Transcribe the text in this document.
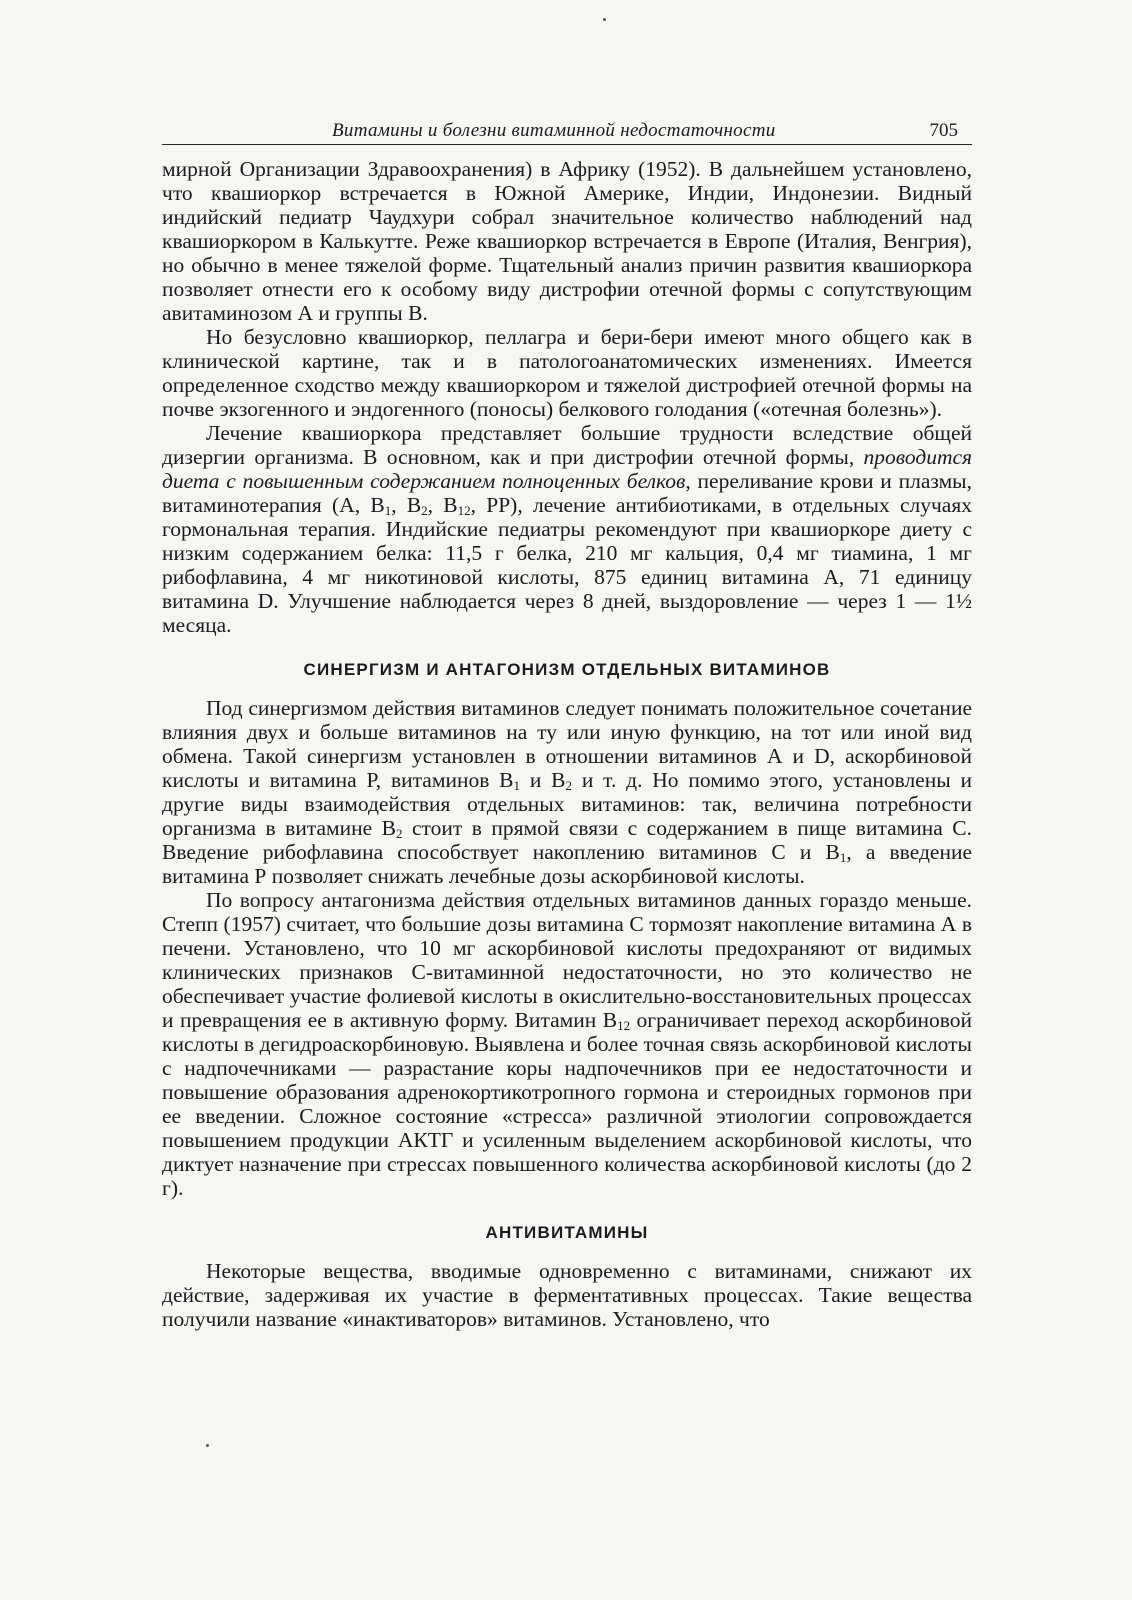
Витамины и болезни витаминной недостаточности	705

мирной Организации Здравоохранения) в Африку (1952). В дальнейшем установлено, что квашиоркор встречается в Южной Америке, Индии, Индонезии. Видный индийский педиатр Чаудхури собрал значительное количество наблюдений над квашиоркором в Калькутте. Реже квашиоркор встречается в Европе (Италия, Венгрия), но обычно в менее тяжелой форме. Тщательный анализ причин развития квашиоркора позволяет отнести его к особому виду дистрофии отечной формы с сопутствующим авитаминозом А и группы В.

Но безусловно квашиоркор, пеллагра и бери-бери имеют много общего как в клинической картине, так и в патологоанатомических изменениях. Имеется определенное сходство между квашиоркором и тяжелой дистрофией отечной формы на почве экзогенного и эндогенного (поносы) белкового голодания («отечная болезнь»).

Лечение квашиоркора представляет большие трудности вследствие общей дизергии организма. В основном, как и при дистрофии отечной формы, проводится диета с повышенным содержанием полноценных белков, переливание крови и плазмы, витаминотерапия (А, $B_1$, $B_2$, $B_{12}$, PP), лечение антибиотиками, в отдельных случаях гормональная терапия. Индийские педиатры рекомендуют при квашиоркоре диету с низким содержанием белка: 11,5 г белка, 210 мг кальция, 0,4 мг тиамина, 1 мг рибофлавина, 4 мг никотиновой кислоты, 875 единиц витамина А, 71 единицу витамина D. Улучшение наблюдается через 8 дней, выздоровление — через 1 — 1½ месяца.

СИНЕРГИЗМ И АНТАГОНИЗМ ОТДЕЛЬНЫХ ВИТАМИНОВ

Под синергизмом действия витаминов следует понимать положительное сочетание влияния двух и больше витаминов на ту или иную функцию, на тот или иной вид обмена. Такой синергизм установлен в отношении витаминов А и D, аскорбиновой кислоты и витамина Р, витаминов $B_1$ и $B_2$ и т. д. Но помимо этого, установлены и другие виды взаимодействия отдельных витаминов: так, величина потребности организма в витамине $B_2$ стоит в прямой связи с содержанием в пище витамина С. Введение рибофлавина способствует накоплению витаминов С и $B_1$, а введение витамина Р позволяет снижать лечебные дозы аскорбиновой кислоты.

По вопросу антагонизма действия отдельных витаминов данных гораздо меньше. Степп (1957) считает, что большие дозы витамина С тормозят накопление витамина А в печени. Установлено, что 10 мг аскорбиновой кислоты предохраняют от видимых клинических признаков С-витаминной недостаточности, но это количество не обеспечивает участие фолиевой кислоты в окислительно-восстановительных процессах и превращения ее в активную форму. Витамин $B_{12}$ ограничивает переход аскорбиновой кислоты в дегидроаскорбиновую. Выявлена и более точная связь аскорбиновой кислоты с надпочечниками — разрастание коры надпочечников при ее недостаточности и повышение образования адренокортикотропного гормона и стероидных гормонов при ее введении. Сложное состояние «стресса» различной этиологии сопровождается повышением продукции АКТГ и усиленным выделением аскорбиновой кислоты, что диктует назначение при стрессах повышенного количества аскорбиновой кислоты (до 2 г).

АНТИВИТАМИНЫ

Некоторые вещества, вводимые одновременно с витаминами, снижают их действие, задерживая их участие в ферментативных процессах. Такие вещества получили название «инактиваторов» витаминов. Установлено, что
